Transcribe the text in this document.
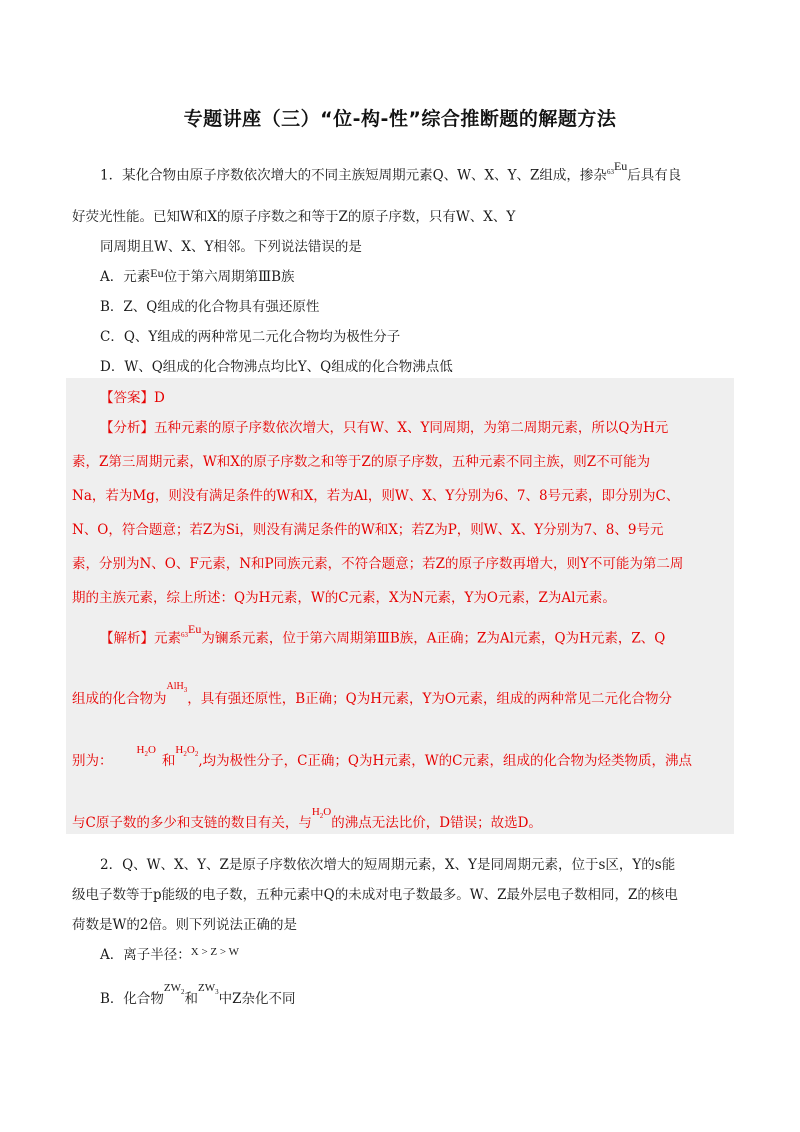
专题讲座（三）“位-构-性”综合推断题的解题方法
1．某化合物由原子序数依次增大的不同主族短周期元素Q、W、X、Y、Z组成，掺杂$^{63}$Eu后具有良
好荧光性能。已知W和X的原子序数之和等于Z的原子序数，只有W、X、Y
同周期且W、X、Y相邻。下列说法错误的是
A．元素Eu位于第六周期第ⅢB族
B．Z、Q组成的化合物具有强还原性
C．Q、Y组成的两种常见二元化合物均为极性分子
D．W、Q组成的化合物沸点均比Y、Q组成的化合物沸点低
【答案】D
【分析】五种元素的原子序数依次增大，只有W、X、Y同周期，为第二周期元素，所以Q为H元
素，Z第三周期元素，W和X的原子序数之和等于Z的原子序数，五种元素不同主族，则Z不可能为
Na，若为Mg，则没有满足条件的W和X，若为Al，则W、X、Y分别为6、7、8号元素，即分别为C、
N、O，符合题意；若Z为Si，则没有满足条件的W和X；若Z为P，则W、X、Y分别为7、8、9号元
素，分别为N、O、F元素，N和P同族元素，不符合题意；若Z的原子序数再增大，则Y不可能为第二周
期的主族元素，综上所述：Q为H元素，W的C元素，X为N元素，Y为O元素，Z为Al元素。
【解析】元素$^{63}$Eu为镧系元素，位于第六周期第ⅢB族，A正确；Z为Al元素，Q为H元素，Z、Q
组成的化合物为AlH$_3$，具有强还原性，B正确；Q为H元素，Y为O元素，组成的两种常见二元化合物分
别为：$H_2O$和$H_2O_2$,均为极性分子，C正确；Q为H元素，W的C元素，组成的化合物为烃类物质，沸点
与C原子数的多少和支链的数目有关，与$H_2O$的沸点无法比价，D错误；故选D。
2．Q、W、X、Y、Z是原子序数依次增大的短周期元素，X、Y是同周期元素，位于s区，Y的s能
级电子数等于p能级的电子数，五种元素中Q的未成对电子数最多。W、Z最外层电子数相同，Z的核电
荷数是W的2倍。则下列说法正确的是
A．离子半径：$^{X > Z > W}$
B．化合物$ZW_2$和$ZW_3$中Z杂化不同
